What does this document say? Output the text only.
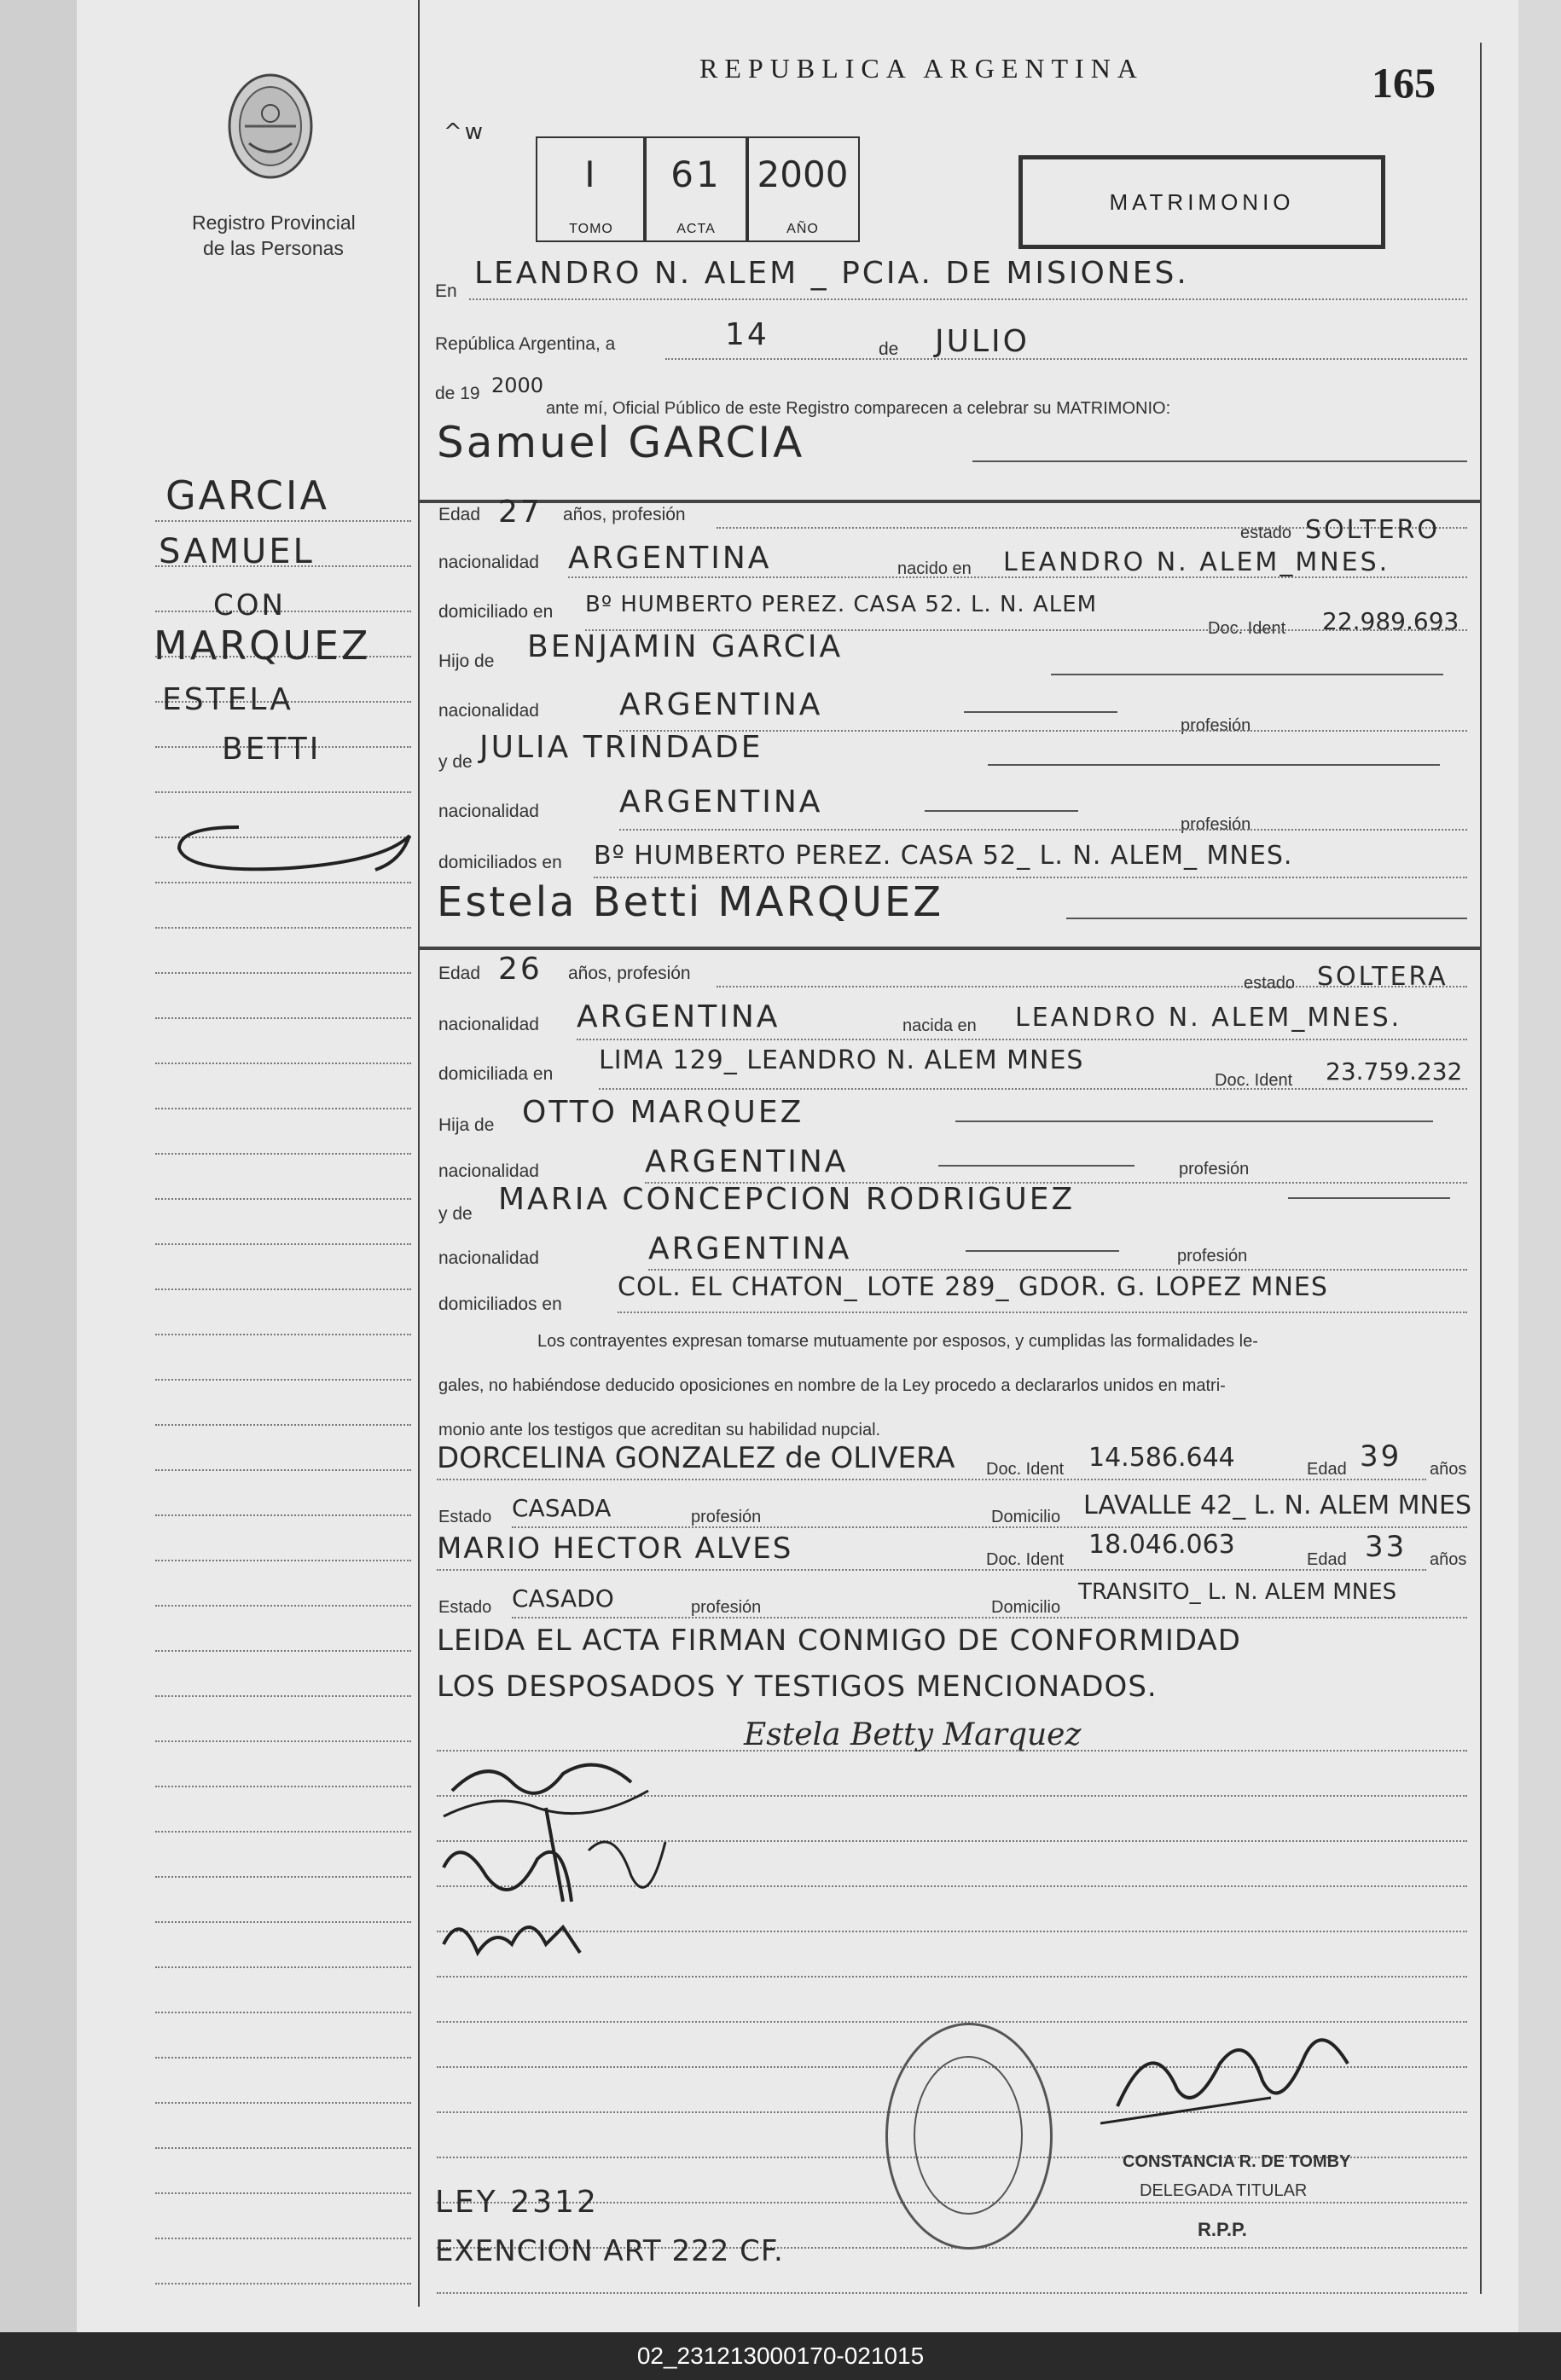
Registro Provincial
de las Personas
REPUBLICA ARGENTINA	165
^w
I
TOMO
61
ACTA
2000
AÑO
MATRIMONIO
En
LEANDRO N. ALEM _ PCIA. DE MISIONES.
República Argentina, a	14	de JULIO
de 19 2000
ante mí, Oficial Público de este Registro comparecen a celebrar su MATRIMONIO:
Samuel GARCIA
Edad 27 años, profesión
estado SOLTERO
nacionalidad ARGENTINA	nacido en LEANDRO N. ALEM_MNES.
domiciliado en Bº HUMBERTO PEREZ. CASA 52. L. N. ALEM
Doc. Ident 22.989.693
Hijo de BENJAMIN GARCIA
nacionalidad	ARGENTINA
profesión
y de JULIA TRINDADE
nacionalidad	ARGENTINA
profesión
domiciliados en Bº HUMBERTO PEREZ. CASA 52_ L. N. ALEM_ MNES.
Estela Betti MARQUEZ
Edad 26 años, profesión	estado SOLTERA
nacionalidad ARGENTINA	nacida en LEANDRO N. ALEM_MNES.
domiciliada en LIMA 129_ LEANDRO N. ALEM MNES
Doc. Ident 23.759.232
Hija de OTTO MARQUEZ
nacionalidad	ARGENTINA	profesión
y de MARIA CONCEPCION RODRIGUEZ
nacionalidad	ARGENTINA	profesión
domiciliados en
COL. EL CHATON_ LOTE 289_ GDOR. G. LOPEZ MNES
Los contrayentes expresan tomarse mutuamente por esposos, y cumplidas las formalidades le-
gales, no habiéndose deducido oposiciones en nombre de la Ley procedo a declararlos unidos en matri-
monio ante los testigos que acreditan su habilidad nupcial.
DORCELINA GONZALEZ de OLIVERA Doc. Ident 14.586.644	Edad 39 años
Estado CASADA	profesión	Domicilio LAVALLE 42_ L. N. ALEM MNES
MARIO HECTOR ALVES	Doc. Ident 18.046.063	Edad 33 años
Estado CASADO	profesión	Domicilio
TRANSITO_ L. N. ALEM MNES
LEIDA EL ACTA FIRMAN CONMIGO DE CONFORMIDAD
LOS DESPOSADOS Y TESTIGOS MENCIONADOS.
Estela Betty Marquez
CONSTANCIA R. DE TOMBY
DELEGADA TITULAR
R.P.P.
LEY 2312
EXENCION ART 222 CF.
GARCIA
SAMUEL
CON
MARQUEZ
ESTELA
BETTI
02_231213000170-021015
